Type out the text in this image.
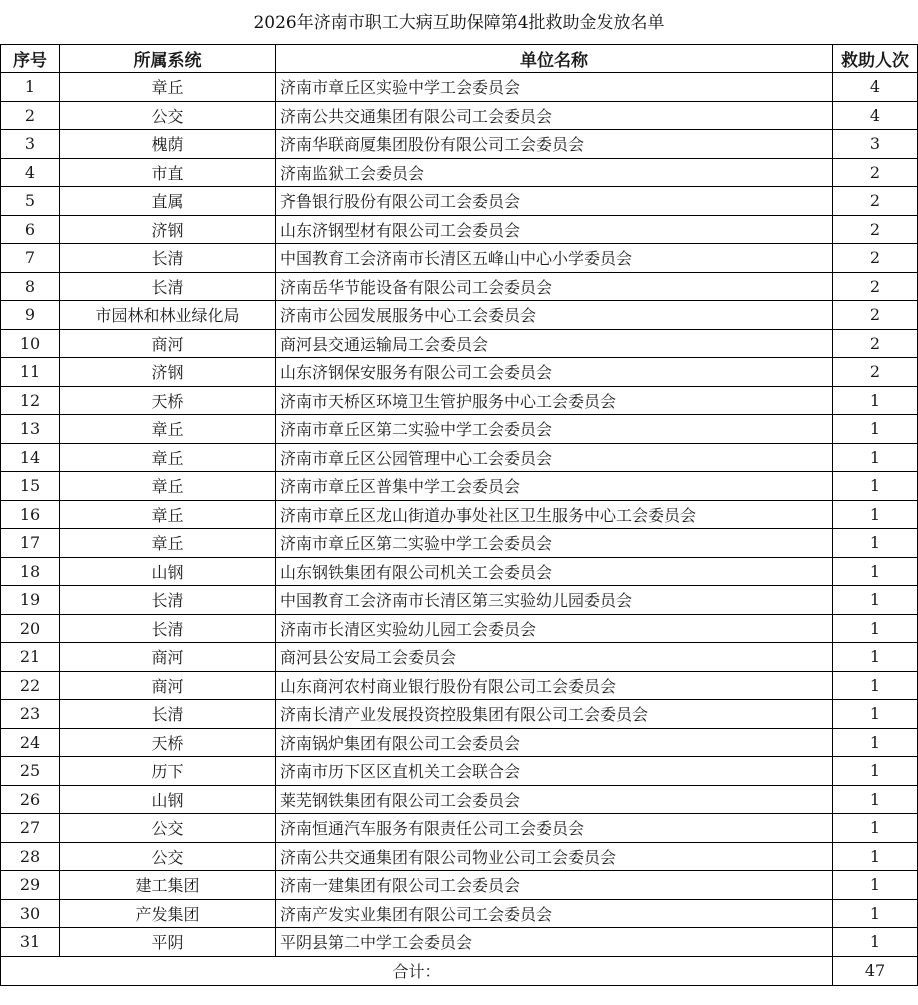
2026年济南市职工大病互助保障第4批救助金发放名单
序号	所属系统	单位名称	救助人次
1	章丘	济南市章丘区实验中学工会委员会	4
2	公交	济南公共交通集团有限公司工会委员会	4
3	槐荫	济南华联商厦集团股份有限公司工会委员会	3
4	市直	济南监狱工会委员会	2
5	直属	齐鲁银行股份有限公司工会委员会	2
6	济钢	山东济钢型材有限公司工会委员会	2
7	长清	中国教育工会济南市长清区五峰山中心小学委员会	2
8	长清	济南岳华节能设备有限公司工会委员会	2
9	市园林和林业绿化局	济南市公园发展服务中心工会委员会	2
10	商河	商河县交通运输局工会委员会	2
11	济钢	山东济钢保安服务有限公司工会委员会	2
12	天桥	济南市天桥区环境卫生管护服务中心工会委员会	1
13	章丘	济南市章丘区第二实验中学工会委员会	1
14	章丘	济南市章丘区公园管理中心工会委员会	1
15	章丘	济南市章丘区普集中学工会委员会	1
16	章丘	济南市章丘区龙山街道办事处社区卫生服务中心工会委员会	1
17	章丘	济南市章丘区第二实验中学工会委员会	1
18	山钢	山东钢铁集团有限公司机关工会委员会	1
19	长清	中国教育工会济南市长清区第三实验幼儿园委员会	1
20	长清	济南市长清区实验幼儿园工会委员会	1
21	商河	商河县公安局工会委员会	1
22	商河	山东商河农村商业银行股份有限公司工会委员会	1
23	长清	济南长清产业发展投资控股集团有限公司工会委员会	1
24	天桥	济南锅炉集团有限公司工会委员会	1
25	历下	济南市历下区区直机关工会联合会	1
26	山钢	莱芜钢铁集团有限公司工会委员会	1
27	公交	济南恒通汽车服务有限责任公司工会委员会	1
28	公交	济南公共交通集团有限公司物业公司工会委员会	1
29	建工集团	济南一建集团有限公司工会委员会	1
30	产发集团	济南产发实业集团有限公司工会委员会	1
31	平阴	平阴县第二中学工会委员会	1
合计：			47
